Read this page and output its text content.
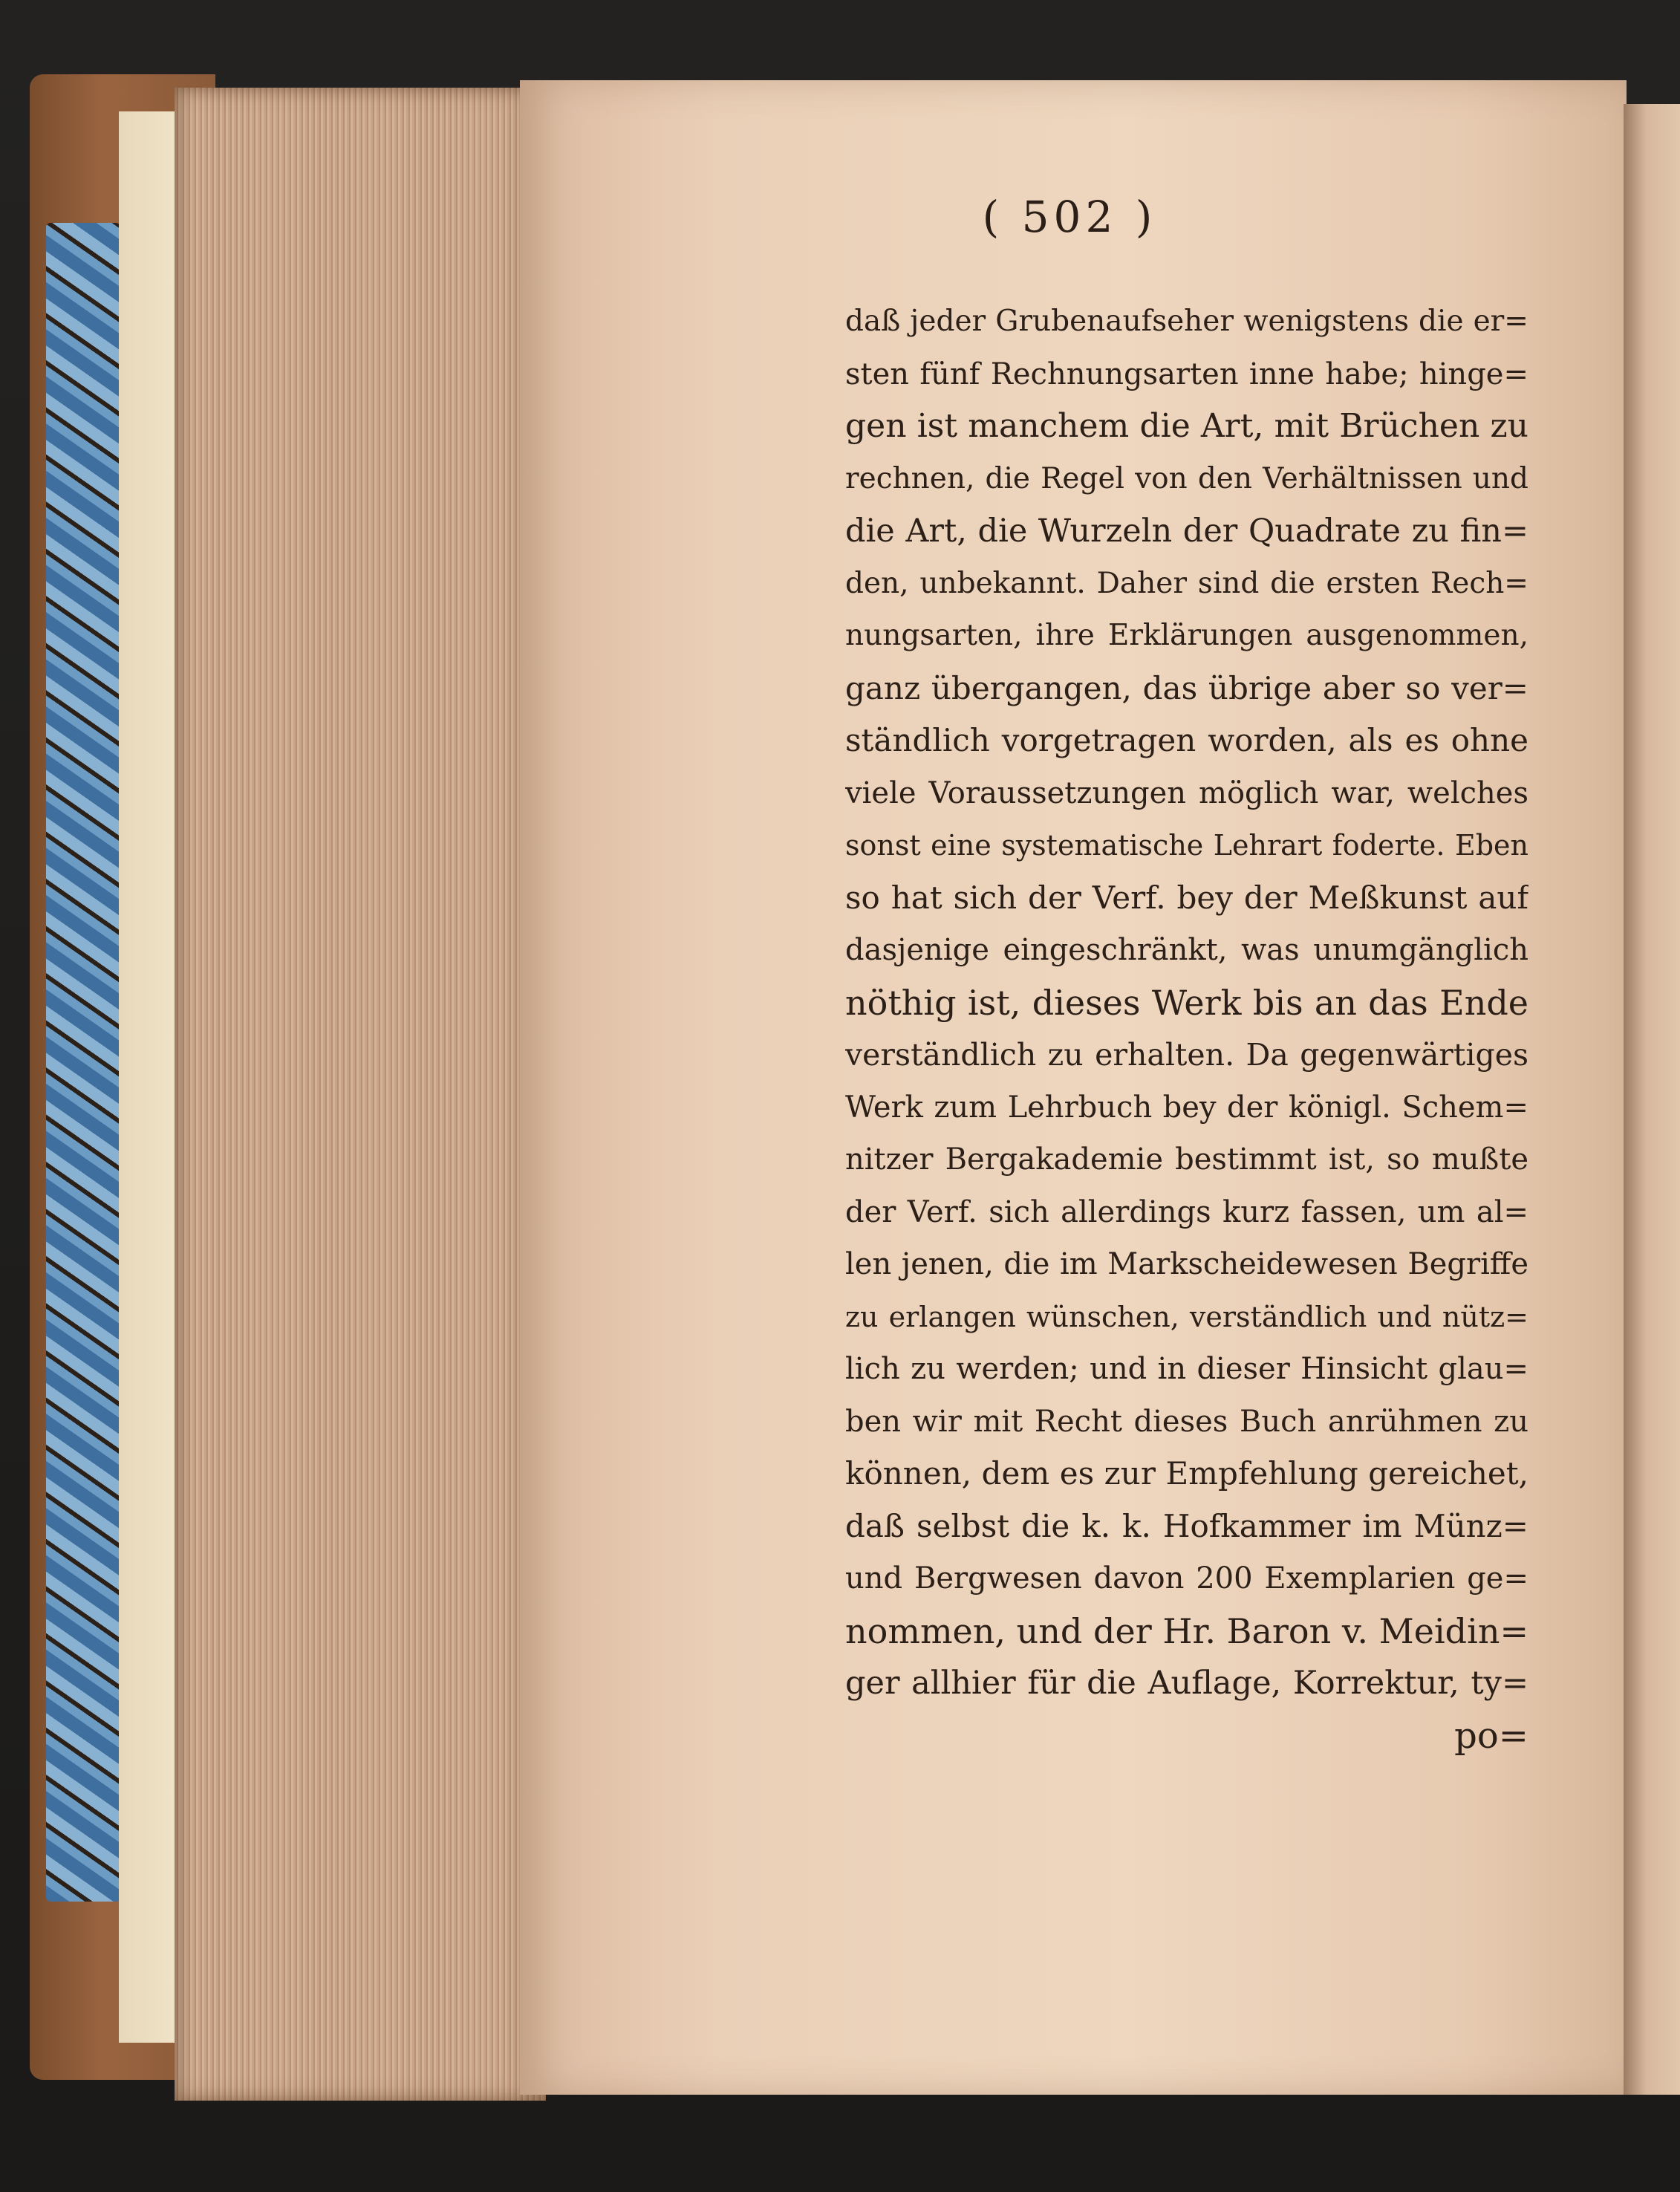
( 502 )
daß jeder Grubenaufseher wenigstens die er=
sten fünf Rechnungsarten inne habe; hinge=
gen ist manchem die Art, mit Brüchen zu
rechnen, die Regel von den Verhältnissen und
die Art, die Wurzeln der Quadrate zu fin=
den, unbekannt. Daher sind die ersten Rech=
nungsarten, ihre Erklärungen ausgenommen,
ganz übergangen, das übrige aber so ver=
ständlich vorgetragen worden, als es ohne
viele Voraussetzungen möglich war, welches
sonst eine systematische Lehrart foderte. Eben
so hat sich der Verf. bey der Meßkunst auf
dasjenige eingeschränkt, was unumgänglich
nöthig ist, dieses Werk bis an das Ende
verständlich zu erhalten. Da gegenwärtiges
Werk zum Lehrbuch bey der königl. Schem=
nitzer Bergakademie bestimmt ist, so mußte
der Verf. sich allerdings kurz fassen, um al=
len jenen, die im Markscheidewesen Begriffe
zu erlangen wünschen, verständlich und nütz=
lich zu werden; und in dieser Hinsicht glau=
ben wir mit Recht dieses Buch anrühmen zu
können, dem es zur Empfehlung gereichet,
daß selbst die k. k. Hofkammer im Münz=
und Bergwesen davon 200 Exemplarien ge=
nommen, und der Hr. Baron v. Meidin=
ger allhier für die Auflage, Korrektur, ty=
po=
